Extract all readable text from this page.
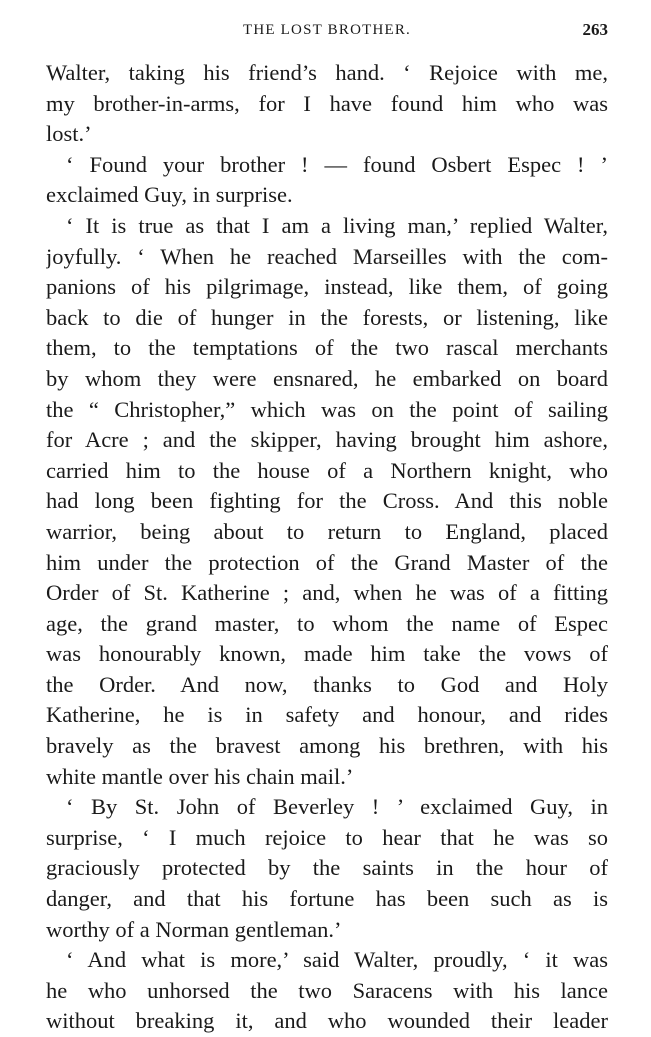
THE LOST BROTHER.	263
Walter, taking his friend’s hand. ‘ Rejoice with me,
my brother-in-arms, for I have found him who was
lost.’
‘ Found your brother ! — found Osbert Espec ! ’
exclaimed Guy, in surprise.
‘ It is true as that I am a living man,’ replied Walter,
joyfully. ‘ When he reached Marseilles with the com-
panions of his pilgrimage, instead, like them, of going
back to die of hunger in the forests, or listening, like
them, to the temptations of the two rascal merchants
by whom they were ensnared, he embarked on board
the “ Christopher,” which was on the point of sailing
for Acre ; and the skipper, having brought him ashore,
carried him to the house of a Northern knight, who
had long been fighting for the Cross. And this noble
warrior, being about to return to England, placed
him under the protection of the Grand Master of the
Order of St. Katherine ; and, when he was of a fitting
age, the grand master, to whom the name of Espec
was honourably known, made him take the vows of
the Order. And now, thanks to God and Holy
Katherine, he is in safety and honour, and rides
bravely as the bravest among his brethren, with his
white mantle over his chain mail.’
‘ By St. John of Beverley ! ’ exclaimed Guy, in
surprise, ‘ I much rejoice to hear that he was so
graciously protected by the saints in the hour of
danger, and that his fortune has been such as is
worthy of a Norman gentleman.’
‘ And what is more,’ said Walter, proudly, ‘ it was
he who unhorsed the two Saracens with his lance
without breaking it, and who wounded their leader
